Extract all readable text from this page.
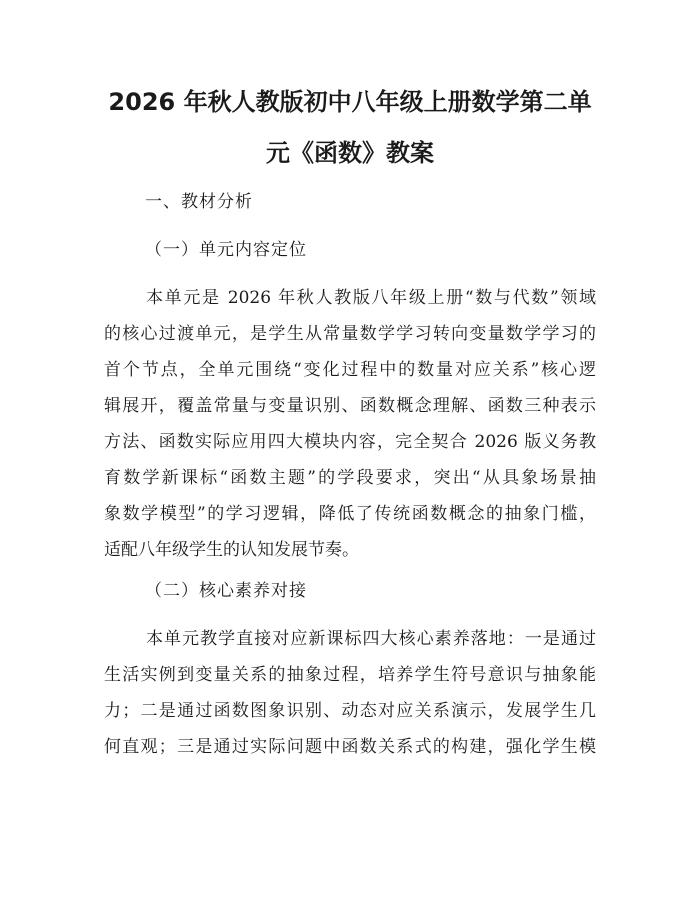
2026 年秋人教版初中八年级上册数学第二单
元《函数》教案
一、教材分析
（一）单元内容定位
本单元是 2026 年秋人教版八年级上册“数与代数”领域
的核心过渡单元，是学生从常量数学学习转向变量数学学习的
首个节点，全单元围绕“变化过程中的数量对应关系”核心逻
辑展开，覆盖常量与变量识别、函数概念理解、函数三种表示
方法、函数实际应用四大模块内容，完全契合 2026 版义务教
育数学新课标“函数主题”的学段要求，突出“从具象场景抽
象数学模型”的学习逻辑，降低了传统函数概念的抽象门槛，
适配八年级学生的认知发展节奏。
（二）核心素养对接
本单元教学直接对应新课标四大核心素养落地：一是通过
生活实例到变量关系的抽象过程，培养学生符号意识与抽象能
力；二是通过函数图象识别、动态对应关系演示，发展学生几
何直观；三是通过实际问题中函数关系式的构建，强化学生模
